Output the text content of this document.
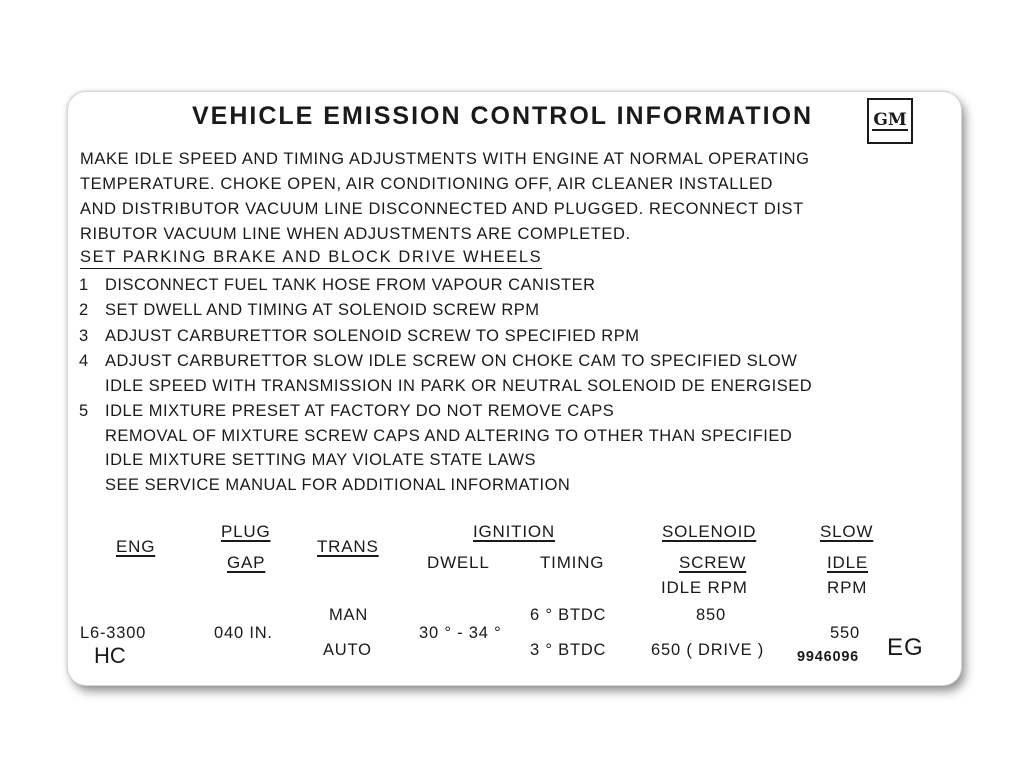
VEHICLE EMISSION CONTROL INFORMATION	GM
MAKE IDLE SPEED AND TIMING ADJUSTMENTS WITH ENGINE AT NORMAL OPERATING
TEMPERATURE. CHOKE OPEN, AIR CONDITIONING OFF, AIR CLEANER INSTALLED
AND DISTRIBUTOR VACUUM LINE DISCONNECTED AND PLUGGED. RECONNECT DIST
RIBUTOR VACUUM LINE WHEN ADJUSTMENTS ARE COMPLETED.
SET PARKING BRAKE AND BLOCK DRIVE WHEELS
1 DISCONNECT FUEL TANK HOSE FROM VAPOUR CANISTER
2 SET DWELL AND TIMING AT SOLENOID SCREW RPM
3 ADJUST CARBURETTOR SOLENOID SCREW TO SPECIFIED RPM
4 ADJUST CARBURETTOR SLOW IDLE SCREW ON CHOKE CAM TO SPECIFIED SLOW
IDLE SPEED WITH TRANSMISSION IN PARK OR NEUTRAL SOLENOID DE ENERGISED
5 IDLE MIXTURE PRESET AT FACTORY DO NOT REMOVE CAPS
REMOVAL OF MIXTURE SCREW CAPS AND ALTERING TO OTHER THAN SPECIFIED
IDLE MIXTURE SETTING MAY VIOLATE STATE LAWS
SEE SERVICE MANUAL FOR ADDITIONAL INFORMATION
ENG
PLUG
GAP
TRANS
IGNITION
DWELL	TIMING
SOLENOID
SCREW
IDLE RPM
SLOW
IDLE
RPM
L6-3300
HC
040 IN.
MAN
AUTO
30 ° - 34 °
6 ° BTDC
3 ° BTDC
850
650 ( DRIVE )
550
9946096 EG
